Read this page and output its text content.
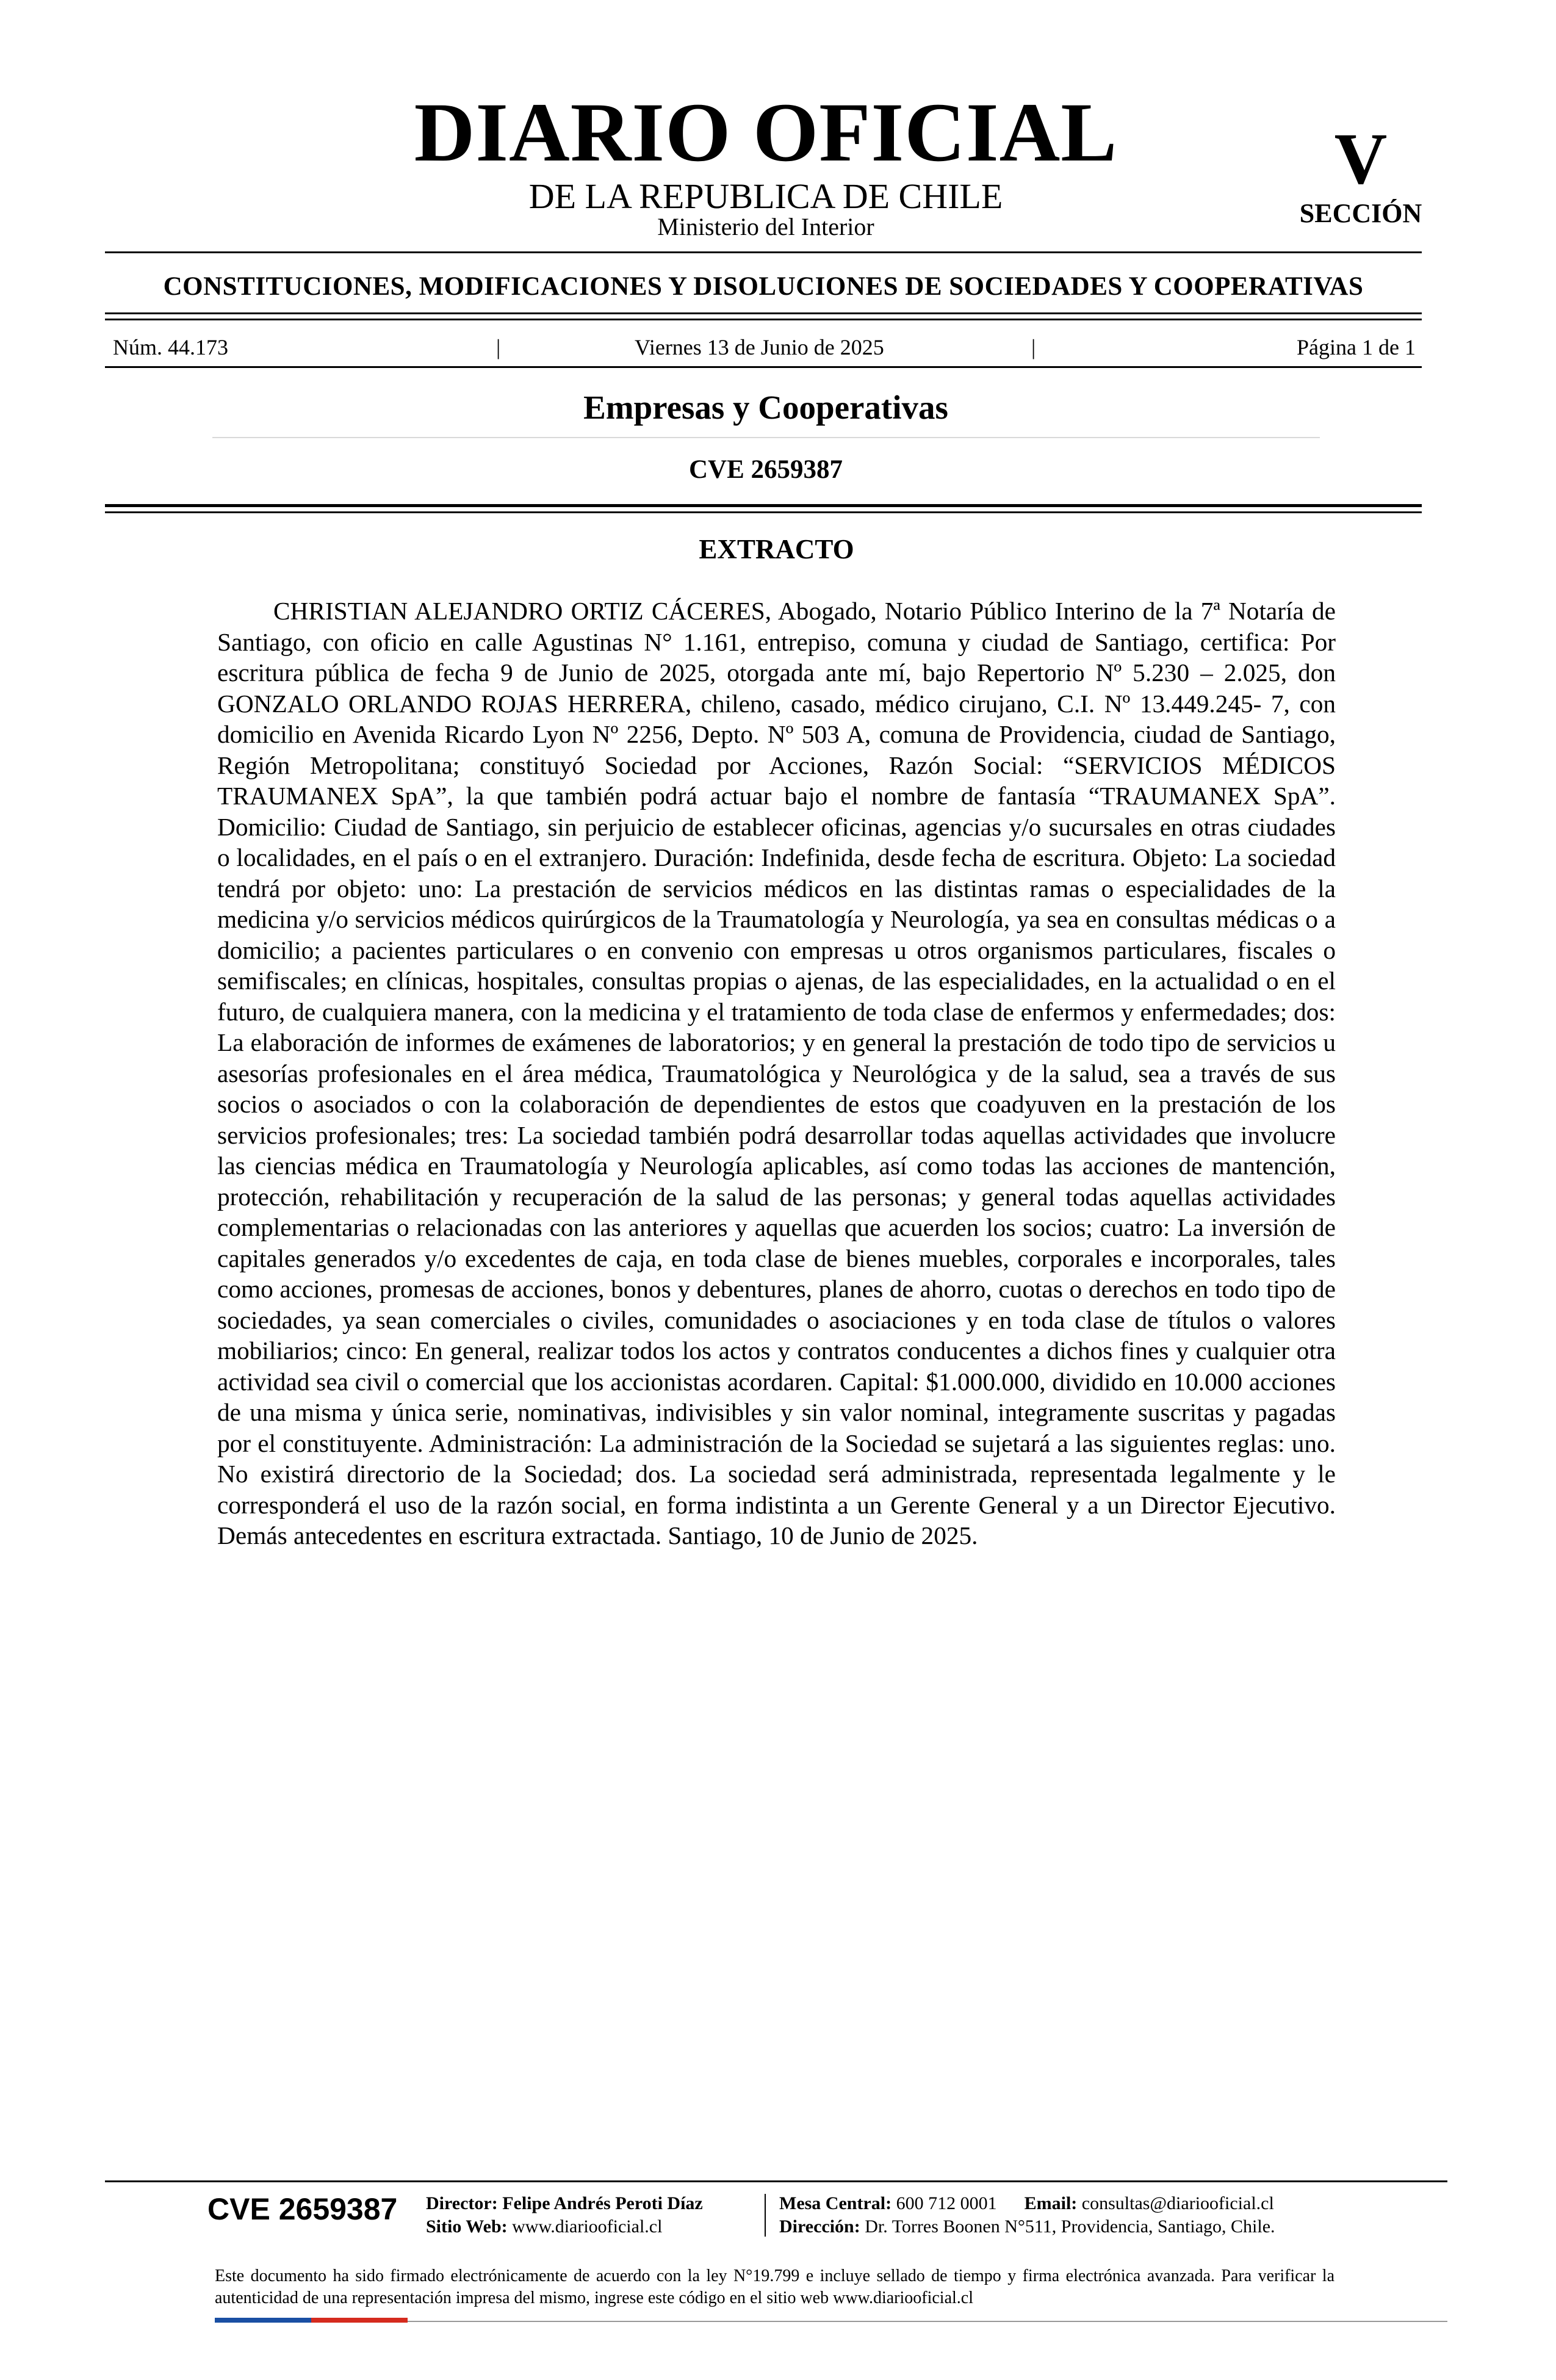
DIARIO OFICIAL
DE LA REPUBLICA DE CHILE
Ministerio del Interior
V
SECCIÓN
CONSTITUCIONES, MODIFICACIONES Y DISOLUCIONES DE SOCIEDADES Y COOPERATIVAS
Núm. 44.173	|	Viernes 13 de Junio de 2025	|	Página 1 de 1
Empresas y Cooperativas
CVE 2659387
EXTRACTO

CHRISTIAN ALEJANDRO ORTIZ CÁCERES, Abogado, Notario Público Interino de la 7ª Notaría de Santiago, con oficio en calle Agustinas N° 1.161, entrepiso, comuna y ciudad de Santiago, certifica: Por escritura pública de fecha 9 de Junio de 2025, otorgada ante mí, bajo Repertorio Nº 5.230 – 2.025, don GONZALO ORLANDO ROJAS HERRERA, chileno, casado, médico cirujano, C.I. Nº 13.449.245- 7, con domicilio en Avenida Ricardo Lyon Nº 2256, Depto. Nº 503 A, comuna de Providencia, ciudad de Santiago, Región Metropolitana; constituyó Sociedad por Acciones, Razón Social: “SERVICIOS MÉDICOS TRAUMANEX SpA”, la que también podrá actuar bajo el nombre de fantasía “TRAUMANEX SpA”. Domicilio: Ciudad de Santiago, sin perjuicio de establecer oficinas, agencias y/o sucursales en otras ciudades o localidades, en el país o en el extranjero. Duración: Indefinida, desde fecha de escritura. Objeto: La sociedad tendrá por objeto: uno: La prestación de servicios médicos en las distintas ramas o especialidades de la medicina y/o servicios médicos quirúrgicos de la Traumatología y Neurología, ya sea en consultas médicas o a domicilio; a pacientes particulares o en convenio con empresas u otros organismos particulares, fiscales o semifiscales; en clínicas, hospitales, consultas propias o ajenas, de las especialidades, en la actualidad o en el futuro, de cualquiera manera, con la medicina y el tratamiento de toda clase de enfermos y enfermedades; dos: La elaboración de informes de exámenes de laboratorios; y en general la prestación de todo tipo de servicios u asesorías profesionales en el área médica, Traumatológica y Neurológica y de la salud, sea a través de sus socios o asociados o con la colaboración de dependientes de estos que coadyuven en la prestación de los servicios profesionales; tres: La sociedad también podrá desarrollar todas aquellas actividades que involucre las ciencias médica en Traumatología y Neurología aplicables, así como todas las acciones de mantención, protección, rehabilitación y recuperación de la salud de las personas; y general todas aquellas actividades complementarias o relacionadas con las anteriores y aquellas que acuerden los socios; cuatro: La inversión de capitales generados y/o excedentes de caja, en toda clase de bienes muebles, corporales e incorporales, tales como acciones, promesas de acciones, bonos y debentures, planes de ahorro, cuotas o derechos en todo tipo de sociedades, ya sean comerciales o civiles, comunidades o asociaciones y en toda clase de títulos o valores mobiliarios; cinco: En general, realizar todos los actos y contratos conducentes a dichos fines y cualquier otra actividad sea civil o comercial que los accionistas acordaren. Capital: $1.000.000, dividido en 10.000 acciones de una misma y única serie, nominativas, indivisibles y sin valor nominal, integramente suscritas y pagadas por el constituyente. Administración: La administración de la Sociedad se sujetará a las siguientes reglas: uno. No existirá directorio de la Sociedad; dos. La sociedad será administrada, representada legalmente y le corresponderá el uso de la razón social, en forma indistinta a un Gerente General y a un Director Ejecutivo. Demás antecedentes en escritura extractada. Santiago, 10 de Junio de 2025.

CVE 2659387 Director: Felipe Andrés Peroti Díaz
Sitio Web: www.diariooficial.cl
Mesa Central: 600 712 0001 Email: consultas@diariooficial.cl
Dirección: Dr. Torres Boonen N°511, Providencia, Santiago, Chile.
Este documento ha sido firmado electrónicamente de acuerdo con la ley N°19.799 e incluye sellado de tiempo y firma electrónica avanzada. Para verificar la autenticidad de una representación impresa del mismo, ingrese este código en el sitio web www.diariooficial.cl
